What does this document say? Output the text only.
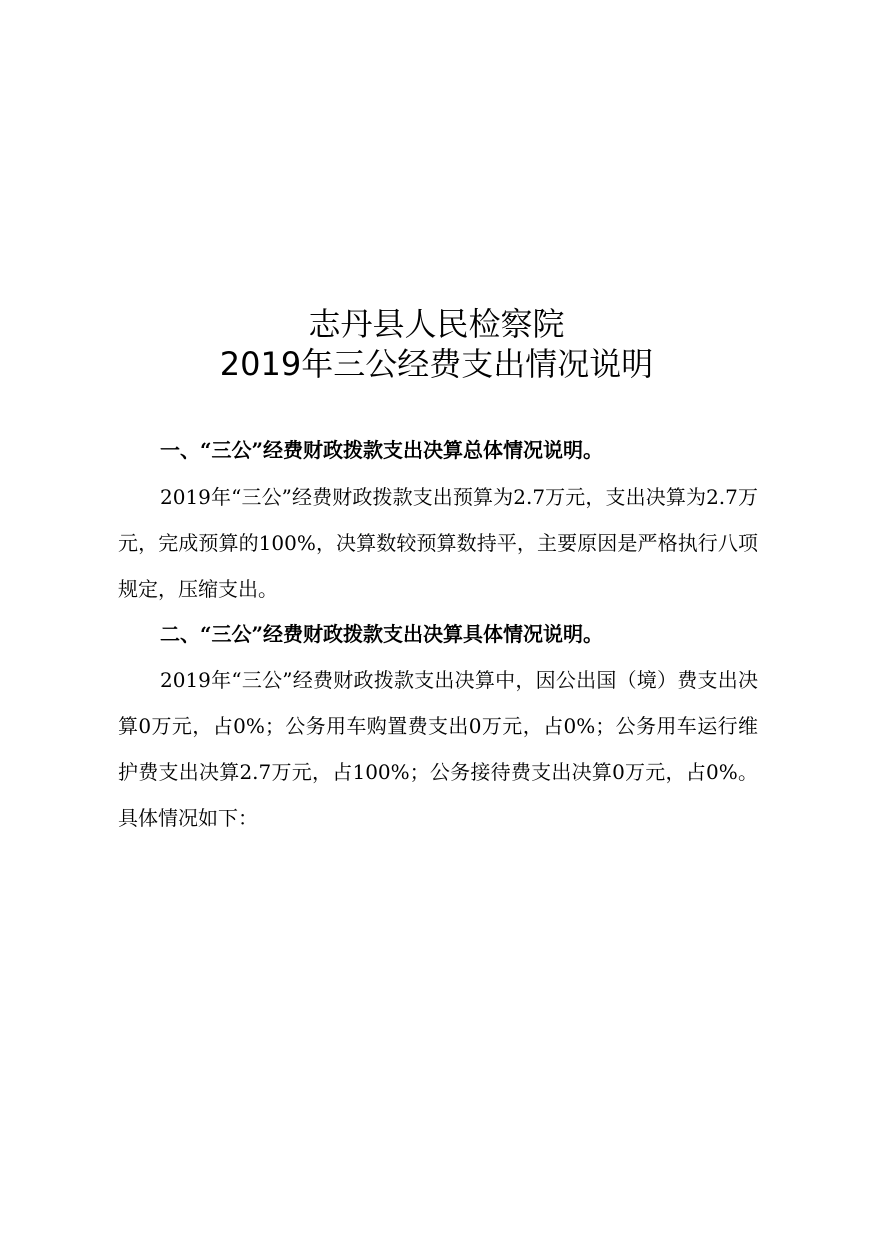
志丹县人民检察院
2019年三公经费支出情况说明
一、“三公”经费财政拨款支出决算总体情况说明。

2019年“三公”经费财政拨款支出预算为2.7万元，支出决算为2.7万元，完成预算的100%，决算数较预算数持平，主要原因是严格执行八项规定，压缩支出。

二、“三公”经费财政拨款支出决算具体情况说明。

2019年“三公”经费财政拨款支出决算中，因公出国（境）费支出决算0万元，占0%；公务用车购置费支出0万元，占0%；公务用车运行维护费支出决算2.7万元，占100%；公务接待费支出决算0万元，占0%。具体情况如下：
